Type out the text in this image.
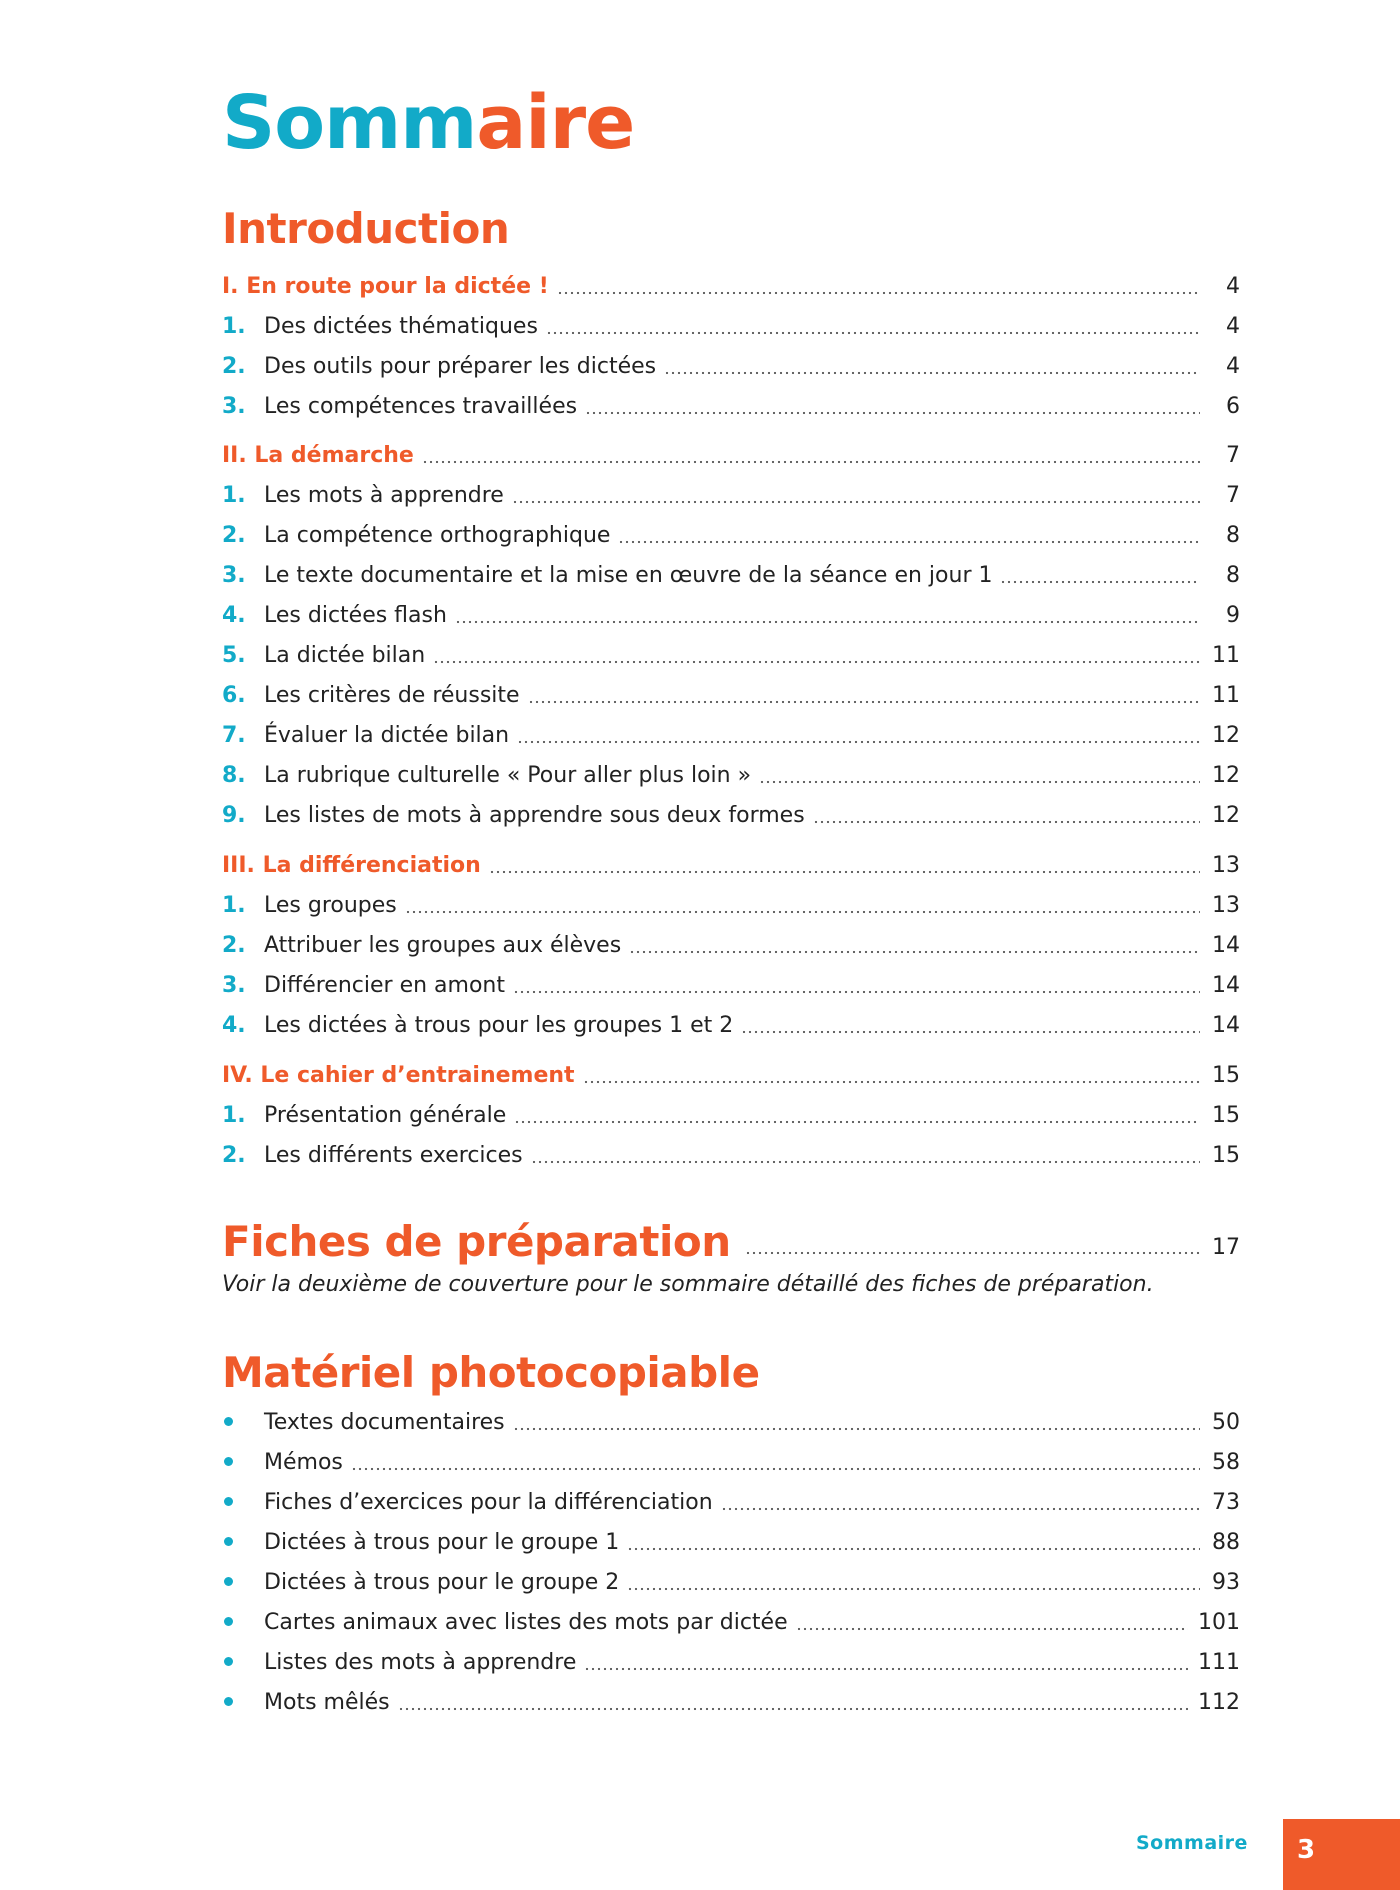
Sommaire
Introduction
I. En route pour la dictée !	4
1. Des dictées thématiques	4
2. Des outils pour préparer les dictées	4
3. Les compétences travaillées	6
II. La démarche	7
1. Les mots à apprendre	7
2. La compétence orthographique	8
3. Le texte documentaire et la mise en œuvre de la séance en jour 1	8
4. Les dictées flash	9
5. La dictée bilan	11
6. Les critères de réussite	11
7. Évaluer la dictée bilan	12
8. La rubrique culturelle « Pour aller plus loin »	12
9. Les listes de mots à apprendre sous deux formes	12
III. La différenciation	13
1. Les groupes	13
2. Attribuer les groupes aux élèves	14
3. Différencier en amont	14
4. Les dictées à trous pour les groupes 1 et 2	14
IV. Le cahier d’entrainement	15
1. Présentation générale	15
2. Les différents exercices	15
Fiches de préparation	17

Voir la deuxième de couverture pour le sommaire détaillé des fiches de préparation.

Matériel photocopiable
Textes documentaires	50
Mémos	58
Fiches d’exercices pour la différenciation	73
Dictées à trous pour le groupe 1	88
Dictées à trous pour le groupe 2	93
Cartes animaux avec listes des mots par dictée	101
Listes des mots à apprendre	111
Mots mêlés	112
Sommaire 3
